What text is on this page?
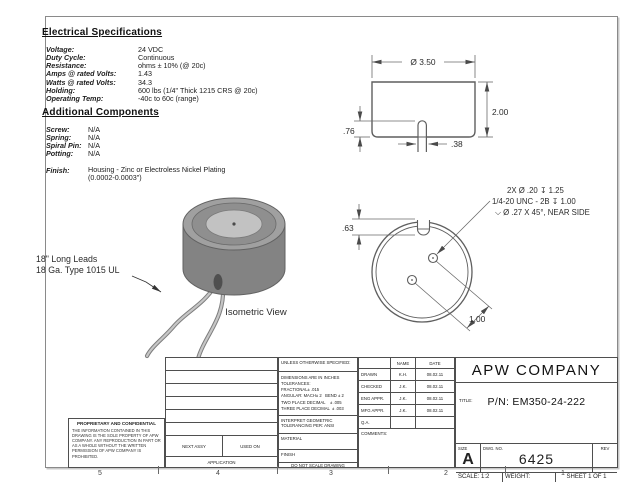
Electrical Specifications
Voltage:	24 VDC
Duty Cycle:	Continuous
Resistance:	ohms ± 10% (@ 20c)
Amps @ rated Volts:	1.43
Watts @ rated Volts:	34.3
Holding:	600 lbs (1/4" Thick 1215 CRS @ 20c)
Operating Temp:	-40c to 60c (range)
Additional Components
Screw:	N/A
Spring:	N/A
Spiral Pin: N/A
Potting:	N/A
Finish:	Housing - Zinc or Electroless Nickel Plating
(0.0002-0.0003")
Ø 3.50
2.00
.76
.38
.63
2X Ø .20 ↧ 1.25
1/4-20 UNC - 2B ↧ 1.00
⌵ Ø .27 X 45°, NEAR SIDE
1.00
18" Long Leads
18 Ga. Type 1015 UL
Isometric View
PROPRIETARY AND CONFIDENTIAL
THE INFORMATION CONTAINED IN THIS DRAWING IS THE SOLE PROPERTY OF APW COMPANY. ANY REPRODUCTION IN PART OR AS A WHOLE WITHOUT THE WRITTEN PERMISSION OF APW COMPANY IS PROHIBITED.
NEXT ASSY	USED ON
APPLICATION
UNLESS OTHERWISE SPECIFIED:
DIMENSIONS ARE IN INCHES
TOLERANCES:
FRACTIONAL± .015
ANGULAR: MACH± 2   BEND ± 2
TWO PLACE DECIMAL    ± .005
THREE PLACE DECIMAL  ± .003
INTERPRET GEOMETRIC TOLERANCING PER: ANSI
MATERIAL
FINISH
DO NOT SCALE DRAWING
NAME	DATE
DRAWN	K.H.	08.02.11
CHECKED	J.K.	08.02.11
ENG APPR.	J.K.	08.02.11
MFG APPR.	J.K.	08.02.11
Q.A.
COMMENTS:
APW COMPANY
TITLE:	P/N: EM350-24-222
SIZE
A
DWG. NO.
6425
REV
SCALE: 1:2	WEIGHT:	SHEET 1 OF 1
5	4	3	2	1
